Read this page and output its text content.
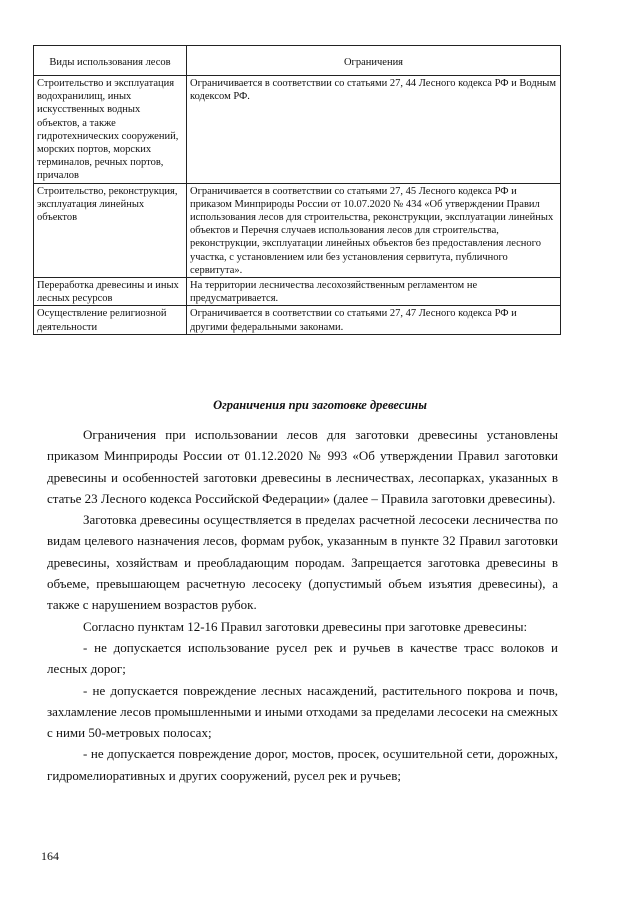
Виды использования лесов	Ограничения
Строительство и эксплуатация водохранилищ, иных искусственных водных объектов, а также гидротехнических сооружений, морских портов, морских терминалов, речных портов, причалов	Ограничивается в соответствии со статьями 27, 44 Лесного кодекса РФ и Водным кодексом РФ.
Строительство, реконструкция, эксплуатация линейных объектов	Ограничивается в соответствии со статьями 27, 45 Лесного кодекса РФ и приказом Минприроды России от 10.07.2020 № 434 «Об утверждении Правил использования лесов для строительства, реконструкции, эксплуатации линейных объектов и Перечня случаев использования лесов для строительства, реконструкции, эксплуатации линейных объектов без предоставления лесного участка, с установлением или без установления сервитута, публичного сервитута».
Переработка древесины и иных лесных ресурсов	На территории лесничества лесохозяйственным регламентом не предусматривается.
Осуществление религиозной деятельности	Ограничивается в соответствии со статьями 27, 47 Лесного кодекса РФ и другими федеральными законами.
Ограничения при заготовке древесины

Ограничения при использовании лесов для заготовки древесины установлены приказом Минприроды России от 01.12.2020 № 993 «Об утверждении Правил заготовки древесины и особенностей заготовки древесины в лесничествах, лесопарках, указанных в статье 23 Лесного кодекса Российской Федерации» (далее – Правила заготовки древесины).

Заготовка древесины осуществляется в пределах расчетной лесосеки лесничества по видам целевого назначения лесов, формам рубок, указанным в пункте 32 Правил заготовки древесины, хозяйствам и преобладающим породам. Запрещается заготовка древесины в объеме, превышающем расчетную лесосеку (допустимый объем изъятия древесины), а также с нарушением возрастов рубок.

Согласно пунктам 12-16 Правил заготовки древесины при заготовке древесины:

- не допускается использование русел рек и ручьев в качестве трасс волоков и лесных дорог;

- не допускается повреждение лесных насаждений, растительного покрова и почв, захламление лесов промышленными и иными отходами за пределами лесосеки на смежных с ними 50-метровых полосах;

- не допускается повреждение дорог, мостов, просек, осушительной сети, дорожных, гидромелиоративных и других сооружений, русел рек и ручьев;

164
